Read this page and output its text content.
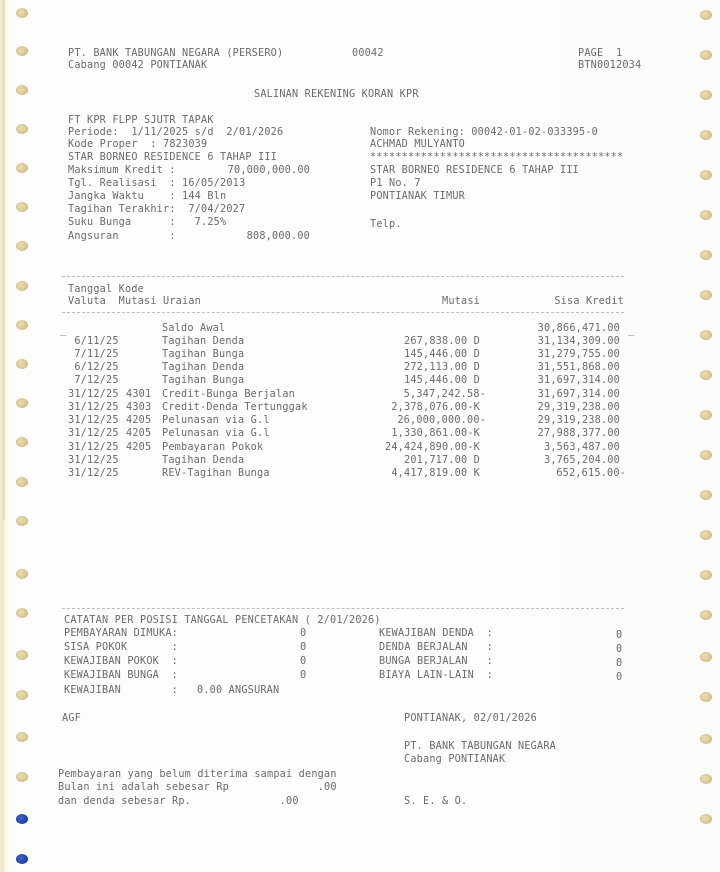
PT. BANK TABUNGAN NEGARA (PERSERO)	00042	PAGE  1
Cabang 00042 PONTIANAK	BTN0012034
SALINAN REKENING KORAN KPR
FT KPR FLPP SJUTR TAPAK
Periode:  1/11/2025 s/d  2/01/2026
Kode Proper  : 7823039
STAR BORNEO RESIDENCE 6 TAHAP III
Maksimum Kredit :	70,000,000.00
Tgl. Realisasi  : 16/05/2013
Jangka Waktu    : 144 Bln
Tagihan Terakhir:  7/04/2027
Suku Bunga      :   7.25%
Angsuran        :	808,000.00
Nomor Rekening: 00042-01-02-033395-0
ACHMAD MULYANTO
****************************************
STAR BORNEO RESIDENCE 6 TAHAP III
P1 No. 7
PONTIANAK TIMUR
Telp.
Tanggal Kode
Valuta  Mutasi Uraian	Mutasi	Sisa Kredit
_	_
Saldo Awal	30,866,471.00
6/11/25	Tagihan Denda	267,838.00 D	31,134,309.00
7/11/25	Tagihan Bunga	145,446.00 D	31,279,755.00
6/12/25	Tagihan Denda	272,113.00 D	31,551,868.00
7/12/25	Tagihan Bunga	145,446.00 D	31,697,314.00
31/12/25 4301 Credit-Bunga Berjalan	5,347,242.58-	31,697,314.00
31/12/25 4303 Credit-Denda Tertunggak	2,378,076.00-K	29,319,238.00
31/12/25 4205 Pelunasan via G.l	26,000,000.00-	29,319,238.00
31/12/25 4205 Pelunasan via G.l	1,330,861.00-K	27,988,377.00
31/12/25 4205 Pembayaran Pokok	24,424,890.00-K	3,563,487.00
31/12/25	Tagihan Denda	201,717.00 D	3,765,204.00
31/12/25	REV-Tagihan Bunga	4,417,819.00 K	652,615.00-
CATATAN PER POSISI TANGGAL PENCETAKAN ( 2/01/2026)
PEMBAYARAN DIMUKA:	0
SISA POKOK       :	0
KEWAJIBAN POKOK  :	0
KEWAJIBAN BUNGA  :	0
KEWAJIBAN DENDA  :	0
DENDA BERJALAN   :	0
BUNGA BERJALAN   :	0
BIAYA LAIN-LAIN  :	0
KEWAJIBAN        :   0.00 ANGSURAN
AGF	PONTIANAK, 02/01/2026
PT. BANK TABUNGAN NEGARA
Cabang PONTIANAK
Pembayaran yang belum diterima sampai dengan
Bulan ini adalah sebesar Rp              .00
dan denda sebesar Rp.              .00	S. E. & O.
